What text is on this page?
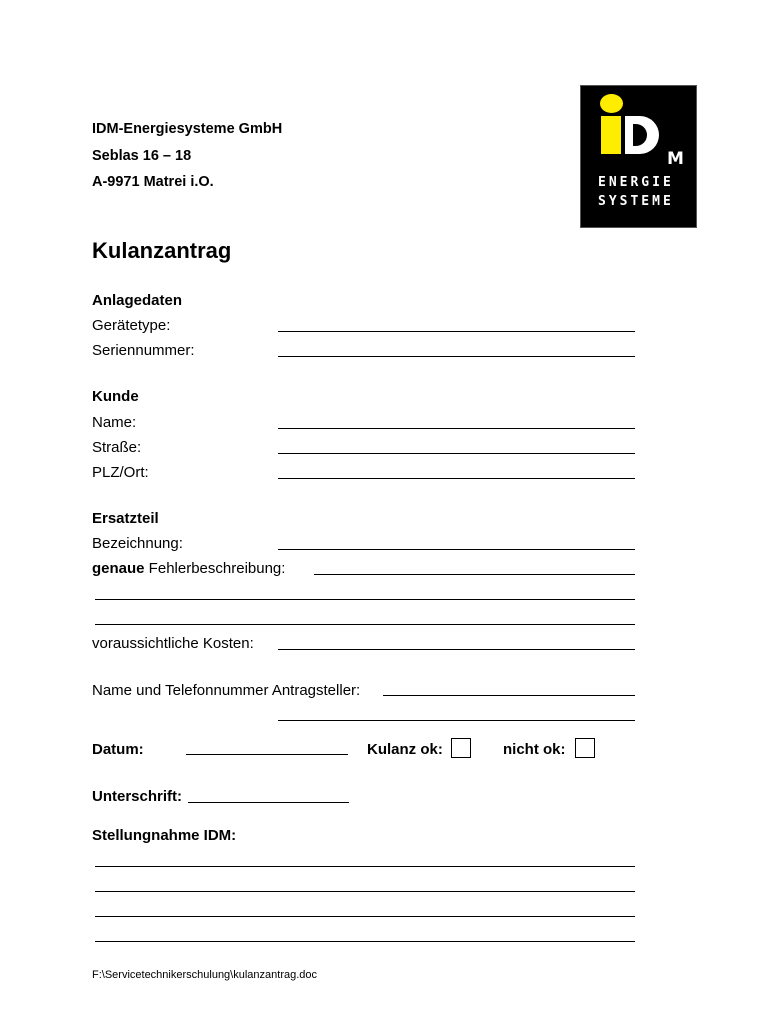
IDM-Energiesysteme GmbH
Seblas 16 – 18
A-9971 Matrei i.O.
M
ENERGIE
SYSTEME
Kulanzantrag
Anlagedaten
Gerätetype:
Seriennummer:
Kunde
Name:
Straße:
PLZ/Ort:
Ersatzteil
Bezeichnung:
genaue Fehlerbeschreibung:
voraussichtliche Kosten:
Name und Telefonnummer Antragsteller:
Datum:	Kulanz ok:	nicht ok:
Unterschrift:
Stellungnahme IDM:
F:\Servicetechnikerschulung\kulanzantrag.doc
